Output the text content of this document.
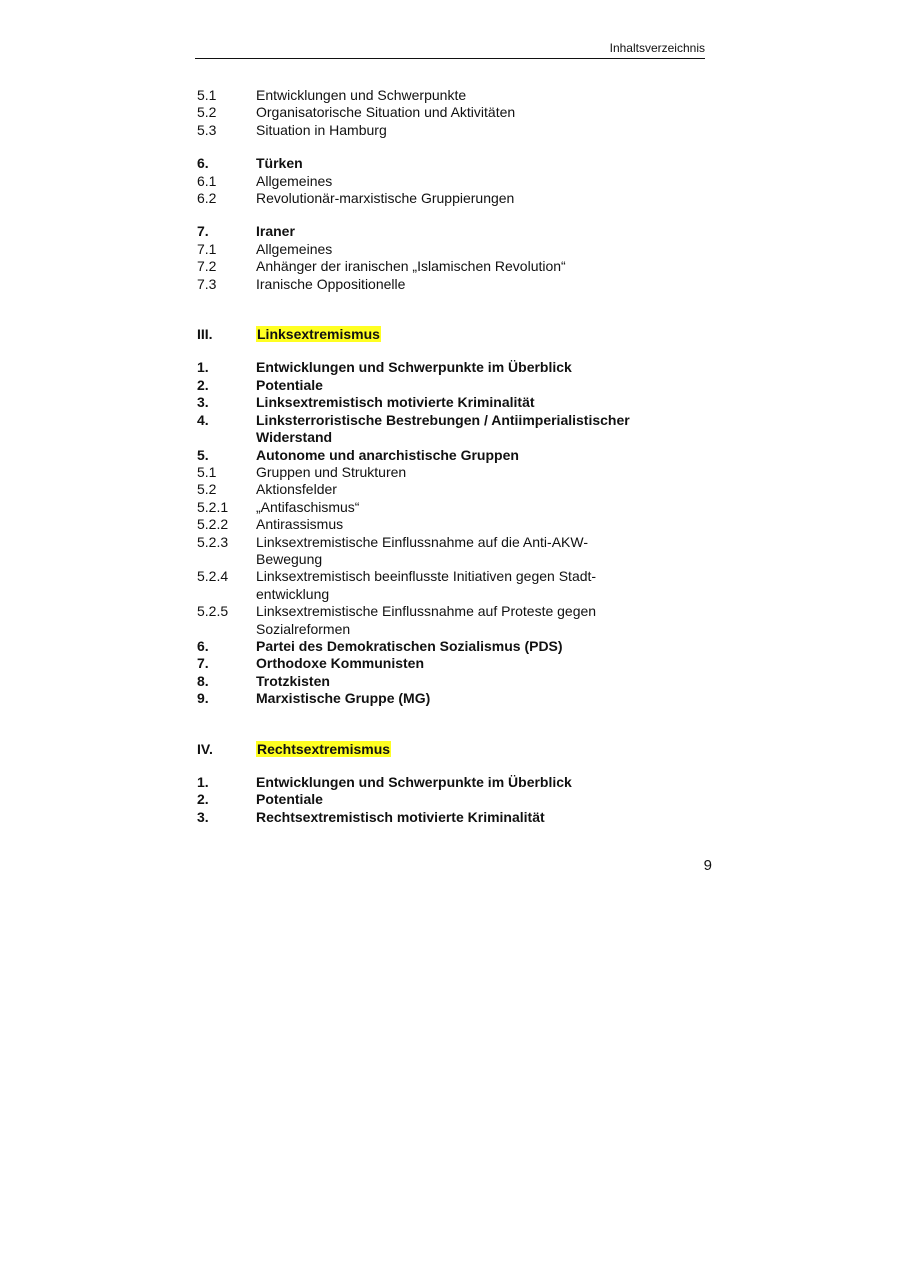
Inhaltsverzeichnis
5.1	Entwicklungen und Schwerpunkte
5.2	Organisatorische Situation und Aktivitäten
5.3	Situation in Hamburg
6.	Türken
6.1	Allgemeines
6.2	Revolutionär-marxistische Gruppierungen
7.	Iraner
7.1	Allgemeines
7.2	Anhänger der iranischen „Islamischen Revolution“
7.3	Iranische Oppositionelle
III.	Linksextremismus
1.	Entwicklungen und Schwerpunkte im Überblick
2.	Potentiale
3.	Linksextremistisch motivierte Kriminalität
4.	Linksterroristische Bestrebungen / Antiimperialistischer
Widerstand
5.	Autonome und anarchistische Gruppen
5.1	Gruppen und Strukturen
5.2	Aktionsfelder
5.2.1	„Antifaschismus“
5.2.2	Antirassismus
5.2.3	Linksextremistische Einflussnahme auf die Anti-AKW-
Bewegung
5.2.4	Linksextremistisch beeinflusste Initiativen gegen Stadt-
entwicklung
5.2.5	Linksextremistische Einflussnahme auf Proteste gegen
Sozialreformen
6.	Partei des Demokratischen Sozialismus (PDS)
7.	Orthodoxe Kommunisten
8.	Trotzkisten
9.	Marxistische Gruppe (MG)
IV.	Rechtsextremismus
1.	Entwicklungen und Schwerpunkte im Überblick
2.	Potentiale
3.	Rechtsextremistisch motivierte Kriminalität
9
